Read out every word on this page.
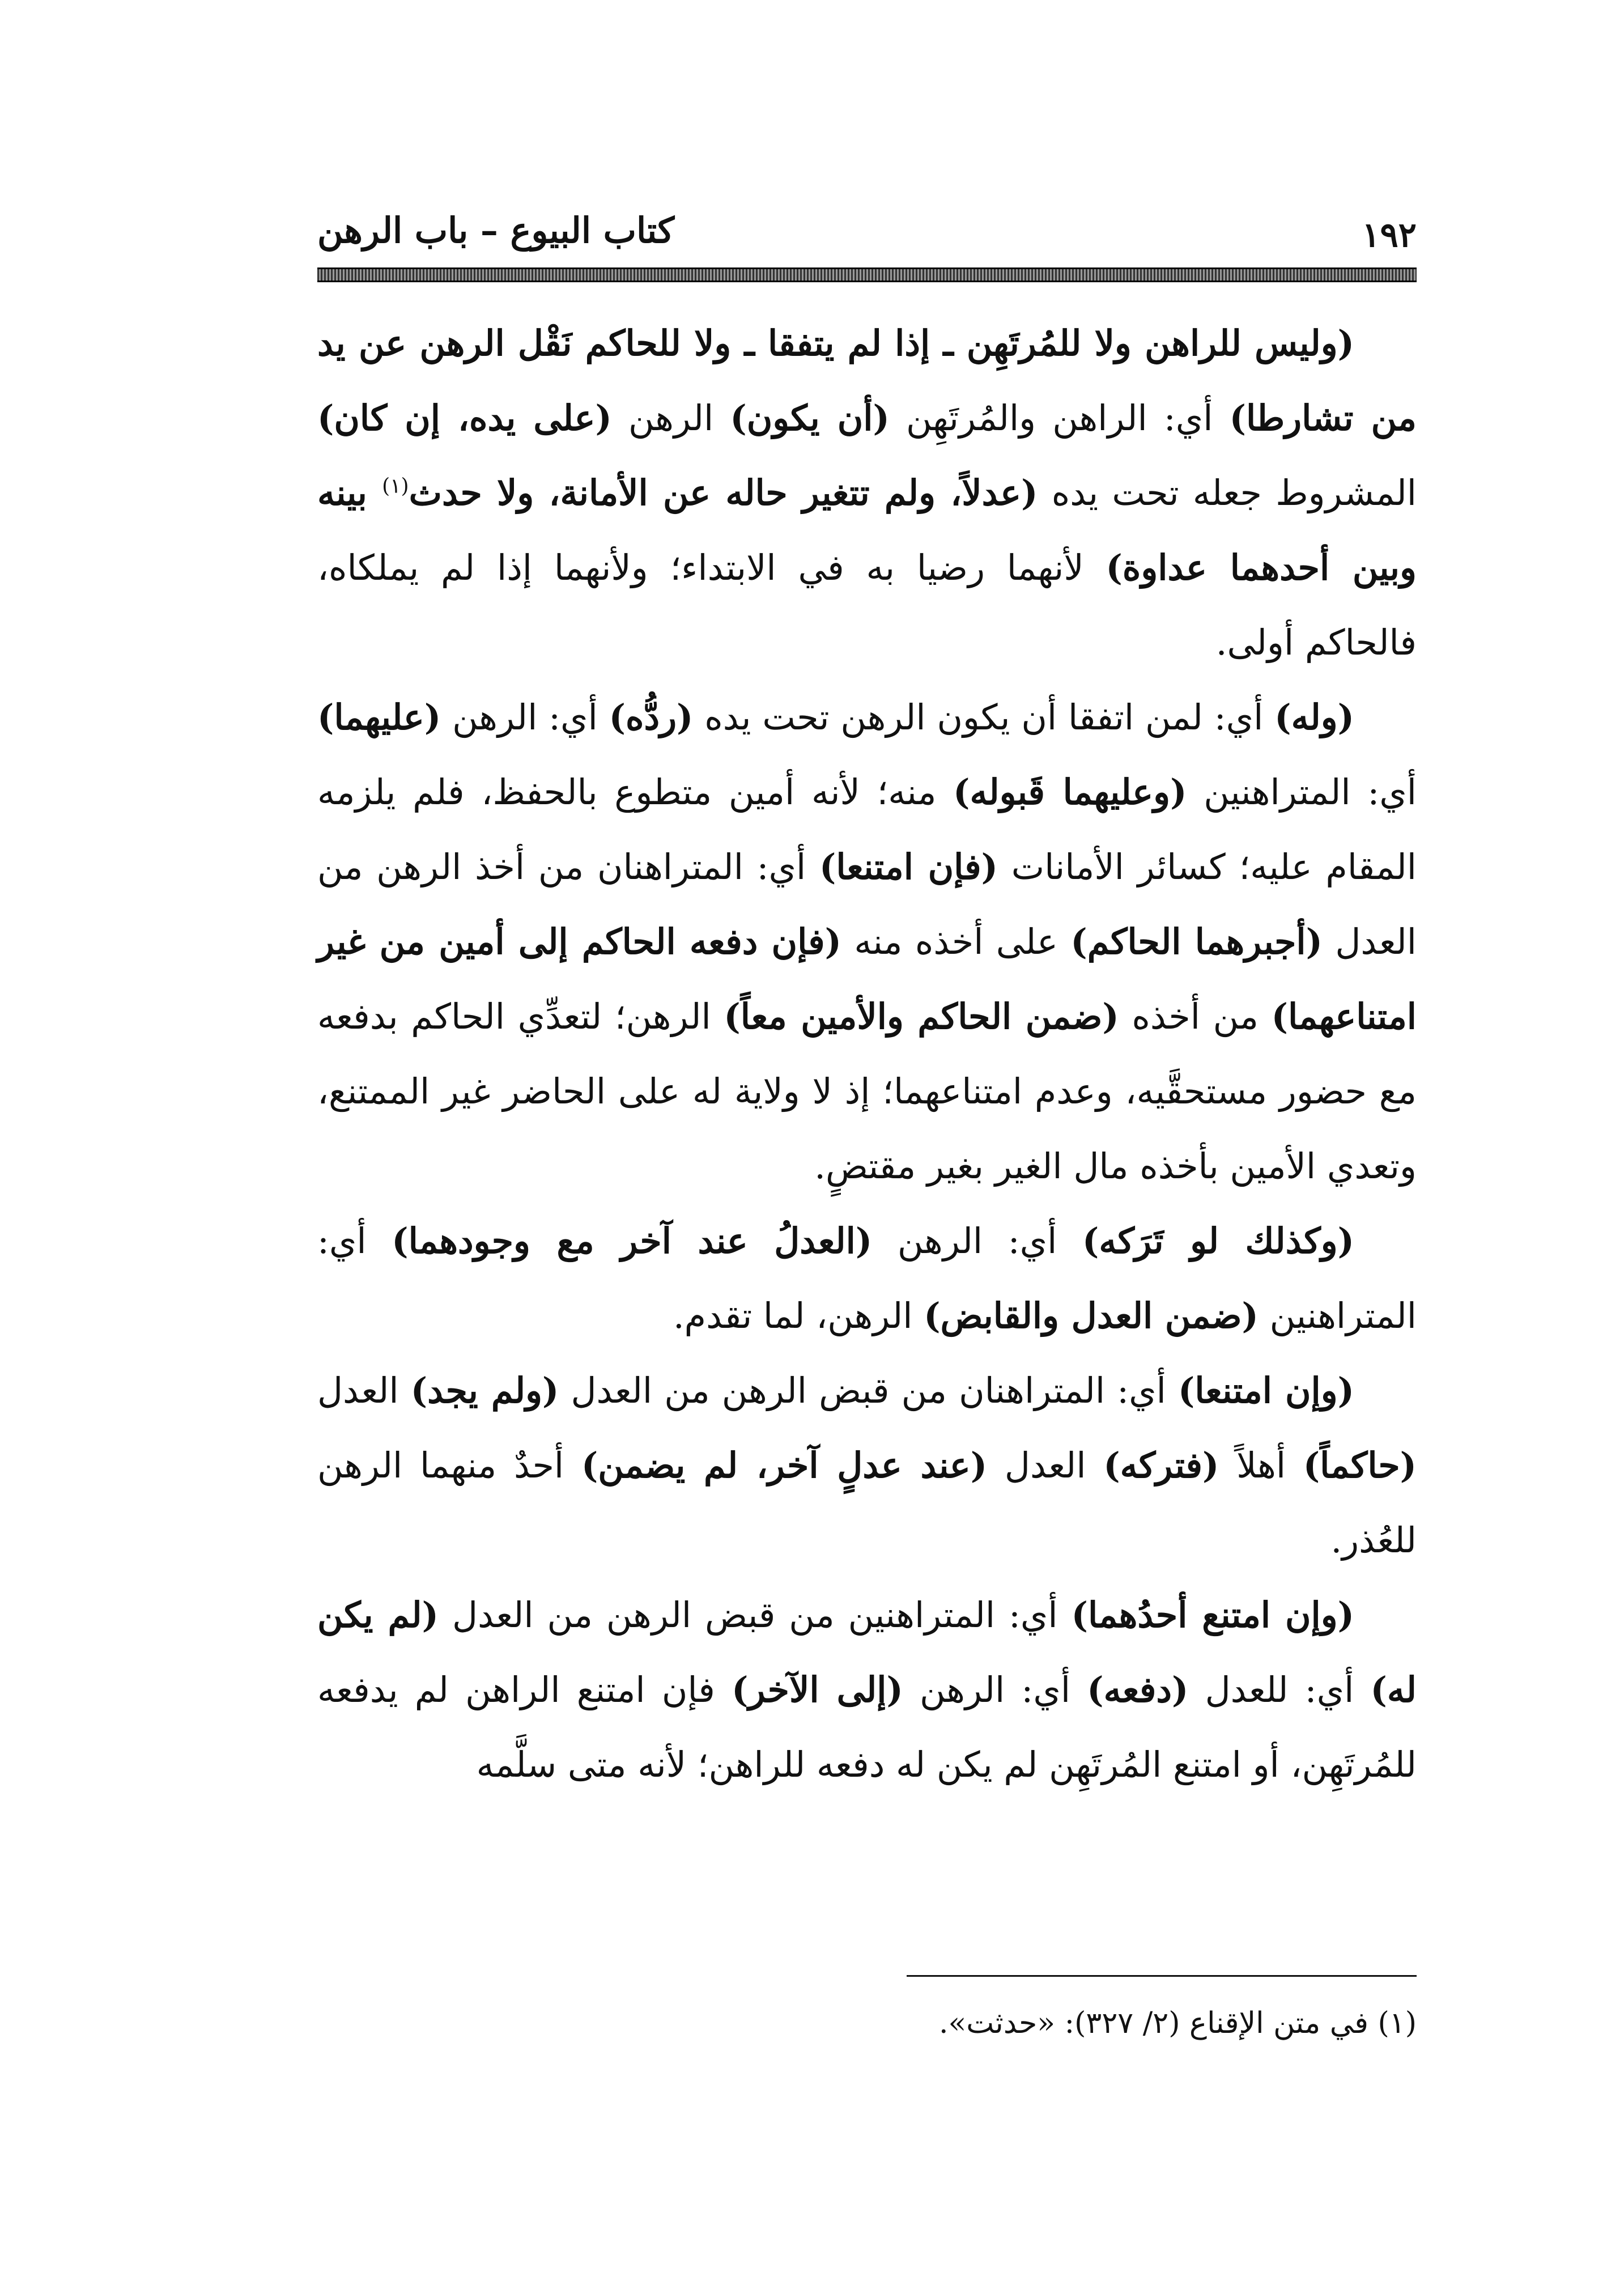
١٩٢
كتاب البيوع – باب الرهن

(وليس للراهن ولا للمُرتَهِن ـ إذا لم يتفقا ـ ولا للحاكم نَقْل الرهن عن يد من تشارطا) أي: الراهن والمُرتَهِن (أن يكون) الرهن (على يده، إن كان) المشروط جعله تحت يده (عدلاً، ولم تتغير حاله عن الأمانة، ولا حدث$^{(١)}$ بينه وبين أحدهما عداوة) لأنهما رضيا به في الابتداء؛ ولأنهما إذا لم يملكاه، فالحاكم أولى.

(وله) أي: لمن اتفقا أن يكون الرهن تحت يده (ردُّه) أي: الرهن (عليهما) أي: المتراهنين (وعليهما قَبوله) منه؛ لأنه أمين متطوع بالحفظ، فلم يلزمه المقام عليه؛ كسائر الأمانات (فإن امتنعا) أي: المتراهنان من أخذ الرهن من العدل (أجبرهما الحاكم) على أخذه منه (فإن دفعه الحاكم إلى أمين من غير امتناعهما) من أخذه (ضمن الحاكم والأمين معاً) الرهن؛ لتعدِّي الحاكم بدفعه مع حضور مستحقَّيه، وعدم امتناعهما؛ إذ لا ولاية له على الحاضر غير الممتنع، وتعدي الأمين بأخذه مال الغير بغير مقتضٍ.

(وكذلك لو تَرَكه) أي: الرهن (العدلُ عند آخر مع وجودهما) أي: المتراهنين (ضمن العدل والقابض) الرهن، لما تقدم.

(وإن امتنعا) أي: المتراهنان من قبض الرهن من العدل (ولم يجد) العدل (حاكماً) أهلاً (فتركه) العدل (عند عدلٍ آخر، لم يضمن) أحدٌ منهما الرهن للعُذر.

(وإن امتنع أحدُهما) أي: المتراهنين من قبض الرهن من العدل (لم يكن له) أي: للعدل (دفعه) أي: الرهن (إلى الآخر) فإن امتنع الراهن لم يدفعه للمُرتَهِن، أو امتنع المُرتَهِن لم يكن له دفعه للراهن؛ لأنه متى سلَّمه

(١) في متن الإقناع (٢/ ٣٢٧): «حدثت».
